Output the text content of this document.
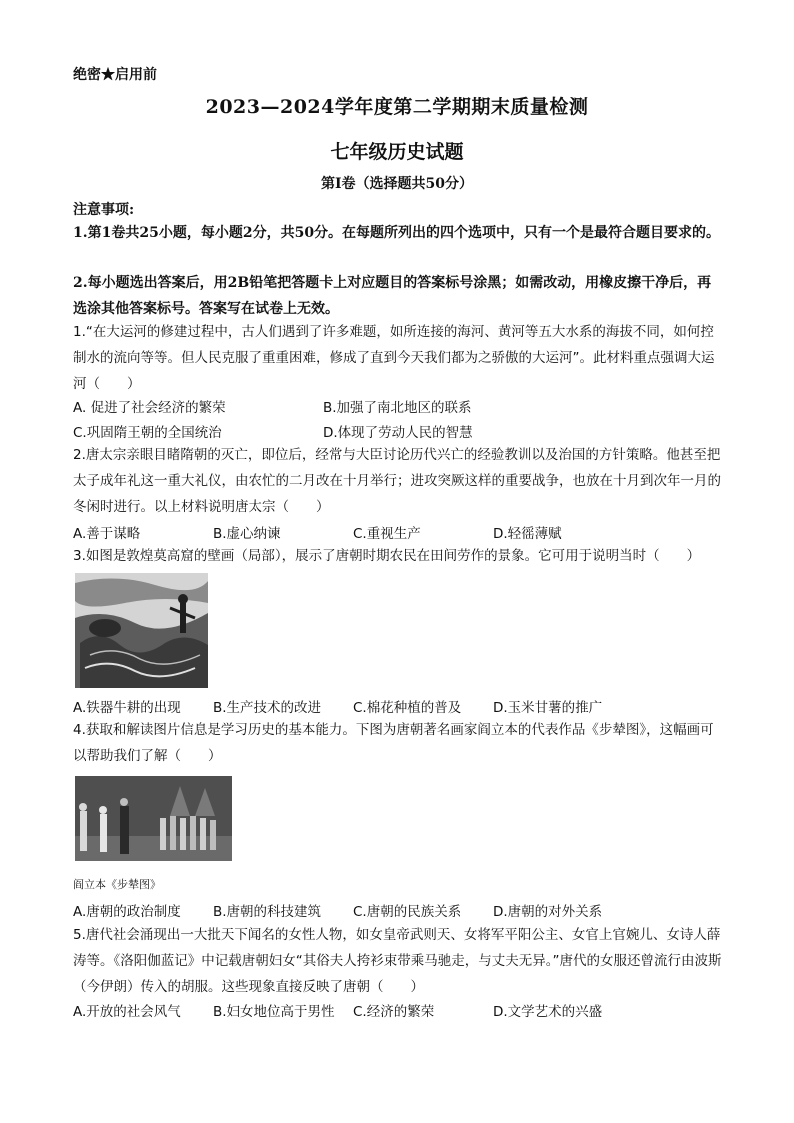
绝密★启用前
2023—2024学年度第二学期期末质量检测
七年级历史试题
第Ⅰ卷（选择题共50分）
注意事项:
1.第1卷共25小题，每小题2分，共50分。在每题所列出的四个选项中，只有一个是最符合题目要求的。
2.每小题选出答案后，用2B铅笔把答题卡上对应题目的答案标号涂黑；如需改动，用橡皮擦干净后，再选涂其他答案标号。答案写在试卷上无效。
1.“在大运河的修建过程中，古人们遇到了许多难题，如所连接的海河、黄河等五大水系的海拔不同，如何控制水的流向等等。但人民克服了重重困难，修成了直到今天我们都为之骄傲的大运河”。此材料重点强调大运河（　　）
A. 促进了社会经济的繁荣	B.加强了南北地区的联系
C.巩固隋王朝的全国统治	D.体现了劳动人民的智慧
2.唐太宗亲眼目睹隋朝的灭亡，即位后，经常与大臣讨论历代兴亡的经验教训以及治国的方针策略。他甚至把太子成年礼这一重大礼仪，由农忙的二月改在十月举行；进攻突厥这样的重要战争，也放在十月到次年一月的冬闲时进行。以上材料说明唐太宗（　　）
A.善于谋略	B.虚心纳谏	C.重视生产	D.轻徭薄赋
3.如图是敦煌莫高窟的壁画（局部），展示了唐朝时期农民在田间劳作的景象。它可用于说明当时（　　）
A.铁器牛耕的出现 B.生产技术的改进 C.棉花种植的普及 D.玉米甘薯的推广
4.获取和解读图片信息是学习历史的基本能力。下图为唐朝著名画家阎立本的代表作品《步辇图》，这幅画可以帮助我们了解（　　）
阎立本《步辇图》
A.唐朝的政治制度 B.唐朝的科技建筑 C.唐朝的民族关系 D.唐朝的对外关系
5.唐代社会涌现出一大批天下闻名的女性人物，如女皇帝武则天、女将军平阳公主、女官上官婉儿、女诗人薛涛等。《洛阳伽蓝记》中记载唐朝妇女“其俗夫人挎衫束带乘马驰走，与丈夫无异。”唐代的女服还曾流行由波斯（今伊朗）传入的胡服。这些现象直接反映了唐朝（　　）
A.开放的社会风气 B.妇女地位高于男性 C.经济的繁荣	D.文学艺术的兴盛
